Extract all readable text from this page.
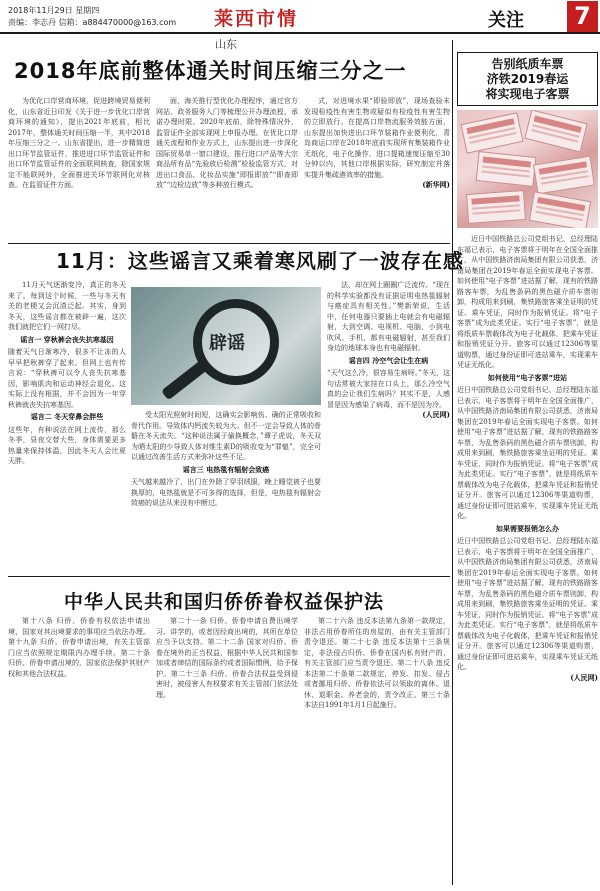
2018年11月29日 星期四
责编：李志丹 信箱：a884470000@163.com 莱西市情	关注 7
山东
2018年底前整体通关时间压缩三分之一
为优化口岸营商环境，促进跨境贸易便利化，山东省近日印发《关于进一步优化口岸营商环境的通知》，提出2021年底前，相比2017年，整体通关时间压缩一半，其中2018年压缩三分之一。山东省提出，进一步精简进出口环节监管证件，推进进口环节监管证件和出口环节监管证件的全面联网核查，除国家规定不能联网外，全面推进关环节联网化对核查。在监管证件方面。
面，海关推行型优化办理程序，通过官方网站、政务服务入门等梳理公开办理流程，承诺办理时限。2020年底前，除特殊情况外，监管证件全部实现网上申报办理。在优化口岸通关流程和作业方式上，山东提出进一步深化国际贸易单一窗口建设，推行进口产品等大宗商品所有品“先验放后检测”检验监管方式，对进出口食品、化妆品实施“即报即放”“即查即放”“边检边放”等多种放行模式。
式，对进境水果“即验即放”，现场查验未发现检疫性有害生物或疑似有检疫性有害生物的立即放行。在提高口岸物流服务效能方面，山东提出加快进出口环节装箱作业便利化，青岛商运口岸在2018年底前实现所有集装箱作业无纸化，电子化操作，进口提箱速度压缩至30分钟以内，其他口岸根据实际，研究制定并落实提升集疏港效率的措施。
(新华网)
告别纸质车票
济铁2019春运
将实现电子客票
近日中国铁路总公司党组书记、总经理陆东福已表示，电子客票将于明年在全国全面推广，从中国铁路济南局集团有限公司获悉，济南局集团在2019年春运全面实现电子客票。如何使用“电子客票”进站据了解，现有的铁路路客车票，为乱售条码的黑色磁介质车票则卸，构成用来到刷，集铁路旅客乘坐证明的凭证。乘车凭证，同时作为报销凭证。将“电子客票”成为此类凭证。实行“电子客票”，就是将纸质车票载体改为电子化载体，把乘车凭证和报销凭证分开。旅客可以通过12306等渠道购票，通过身份证即可进站乘车，实现乘车凭证无纸化。
如何使用“电子客票”进站
近日中国铁路总公司党组书记、总经理陆东福已表示，电子客票将于明年在全国全面推广，从中国铁路济南局集团有限公司获悉，济南局集团在2019年春运全面实现电子客票。如何使用“电子客票”进站据了解，现有的铁路路客车票，为乱售条码的黑色磁介质车票则卸，构成用来到刷，集铁路旅客乘坐证明的凭证。乘车凭证，同时作为报销凭证。将“电子客票”成为此类凭证。实行“电子客票”，就是将纸质车票载体改为电子化载体，把乘车凭证和报销凭证分开。旅客可以通过12306等渠道购票，通过身份证即可进站乘车，实现乘车凭证无纸化。
如果需要报销怎么办
近日中国铁路总公司党组书记、总经理陆东福已表示，电子客票将于明年在全国全面推广，从中国铁路济南局集团有限公司获悉，济南局集团在2019年春运全面实现电子客票。如何使用“电子客票”进站据了解，现有的铁路路客车票，为乱售条码的黑色磁介质车票则卸，构成用来到刷，集铁路旅客乘坐证明的凭证。乘车凭证，同时作为报销凭证。将“电子客票”成为此类凭证。实行“电子客票”，就是将纸质车票载体改为电子化载体，把乘车凭证和报销凭证分开。旅客可以通过12306等渠道购票，通过身份证即可进站乘车，实现乘车凭证无纸化。
(人民网)
11月：这些谣言又乘着寒风刷了一波存在感
11月天气逐渐变冷，真正的冬天来了。每到这个时候，一些与冬天有关的老梗又会沉渣泛起。其实，身到冬天，这些谣言都在被辟一遍，这次我们就把它们一网打尽。
谣言一 穿秋裤会丧失抗寒基因
随着天气日渐寒冷，很多不让冻的人早早把秋裤穿了起来。但网上也有传言说：“穿秋裤可以令人丧失抗寒基因，影响肌肉和运动神经会退化。这实际上没有根据，并不会因为一年穿秋裤就丧失抗寒基因。
谣言二 冬天穿鼻会胖些
这些年，有种说法在网上流传，那么冬季，昼夜交替大些，身体需要更多热量来保持体温，因此冬天人会比夏天胖。
辟谣
受太阳光照射时间短，这确实会影响伤、确的正常吸收和骨代作用。导致体内钙流失较为大。但不一定会导致人体的骨骼在冬天流失。“这种说法属于偷换概念，”谭子虎说，冬天双为晒太阳的少导致人体对维生素D的吸收变为“罪魁”，完全可以通过改善生活方式来弥补这些不足。
谣言三 电热毯有辐射会致癌
天气越来越冷了，出门在外除了穿羽绒服，晚上睡觉被子也要换厚的，电热毯就是不可多得的选择，但是，电热毯有辐射会致癌的说法从来没有中断过。
法，却在网上圈圈广泛流传。“现在的科学实验都没有证据证明电热毯辐射与癌症具有相关性。”樊新荣说，生活中，任何电器只要插上电就会有电磁辐射，大到空调、电视机、电脑，小到电吹风、手机，都有电磁辐射，甚至我们身边的地球本身也有电磁辐射。
谣言四 冷空气会让生在病
“天气这么冷，很容易生病呀。”冬天，这句话常被大家挂在口头上，那么冷空气真的会让我们生病吗？其实不是，人感冒是因为感染了病毒，而不是因为冷。
(人民网)
中华人民共和国归侨侨眷权益保护法
第十八条 归侨、侨眷有权依法申请出境，国家对其出境要求的事项应当依法办理。第十九条 归侨、侨眷申请出境，有关主管部门应当依照规定期限内办理手续。第二十条 归侨、侨眷申请出境的，国家依法保护其财产权和其他合法权益。
第二十一条 归侨、侨眷申请自费出境学习、讲学的，或者因经商出境的，其所在单位应当予以支持。第二十二条 国家对归侨、侨眷在境外的正当权益，根据中华人民共和国参加或者缔结的国际条约或者国际惯例，给予保护。第二十三条 归侨、侨眷合法权益受到侵害时，被侵害人有权要求有关主管部门依法处理。
第二十六条 违反本法第九条第一款规定，非法占用侨眷所住的房屋的，由有关主管部门责令退还。第二十七条 违反本法第十三条规定，非法侵占归侨、侨眷在国内私有财产的，有关主管部门应当责令退还。第二十八条 违反本法第二十条第二款规定，停发、扣发、侵占或者挪用归侨、侨眷依法可以领取的离休、退休、退职金、养老金的，责令改正。第三十条 本法自1991年1月1日起施行。
